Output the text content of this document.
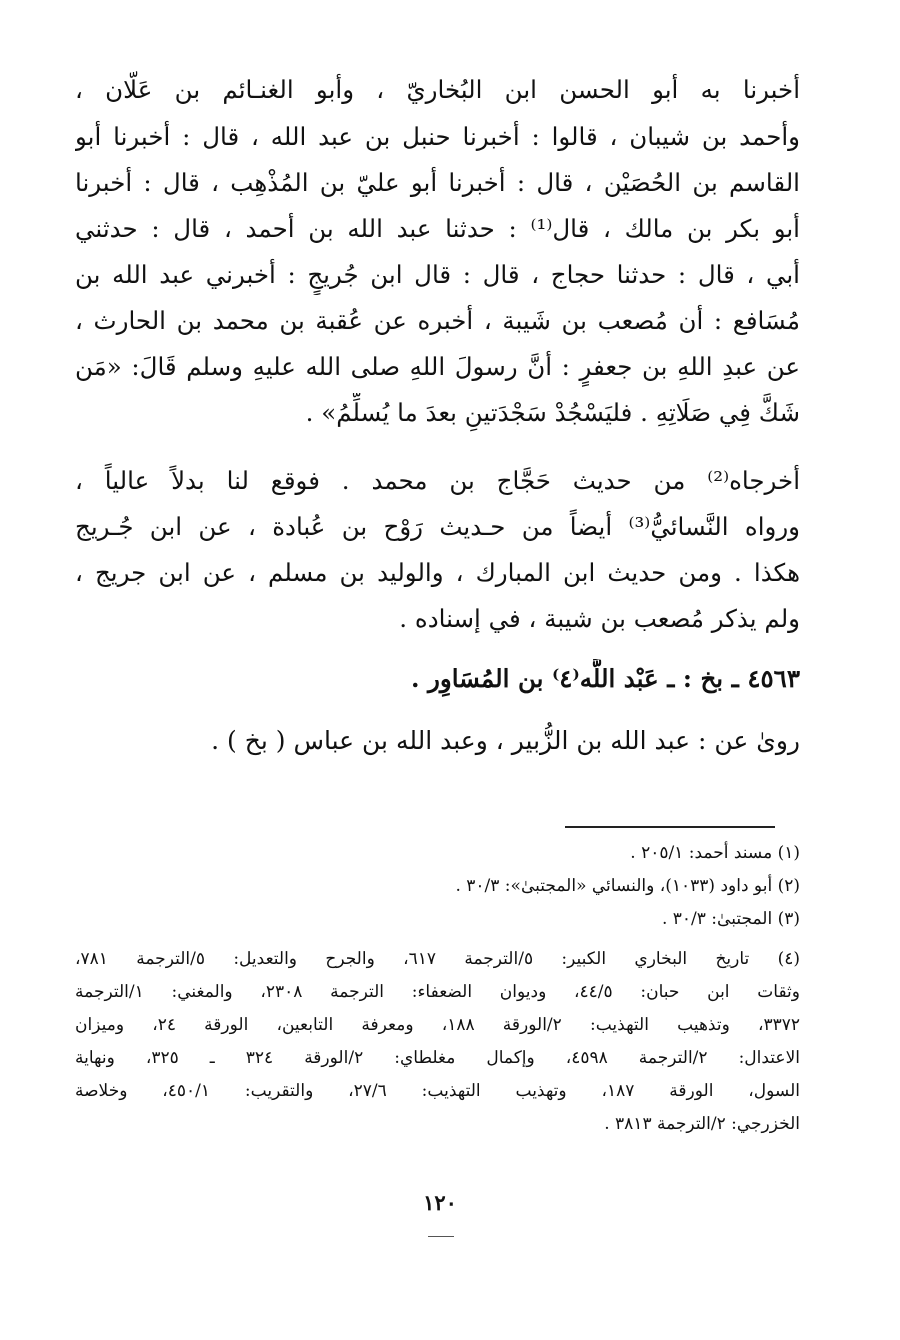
أخبرنا به أبو الحسن ابن البُخاريّ ، وأبو الغنـائم بن عَلّان ،
وأحمد بن شيبان ، قالوا : أخبرنا حنبل بن عبد الله ، قال : أخبرنا أبو
القاسم بن الحُصَيْن ، قال : أخبرنا أبو عليّ بن المُذْهِب ، قال : أخبرنا
أبو بكر بن مالك ، قال⁽¹⁾ : حدثنا عبد الله بن أحمد ، قال : حدثني
أبي ، قال : حدثنا حجاج ، قال : قال ابن جُريجٍ : أخبرني عبد الله بن
مُسَافع : أن مُصعب بن شَيبة ، أخبره عن عُقبة بن محمد بن الحارث ،
عن عبدِ اللهِ بن جعفرٍ : أنَّ رسولَ اللهِ صلى الله عليهِ وسلم قَالَ: «مَن
شَكَّ فِي صَلَاتِهِ . فليَسْجُدْ سَجْدَتينِ بعدَ ما يُسلِّمُ» .
أخرجاه⁽²⁾ من حديث حَجَّاج بن محمد . فوقع لنا بدلاً عالياً ،
ورواه النَّسائيُّ⁽³⁾ أيضاً من حـديث رَوْح بن عُبادة ، عن ابن جُـريج
هكذا . ومن حديث ابن المبارك ، والوليد بن مسلم ، عن ابن جريج ،
ولم يذكر مُصعب بن شيبة ، في إسناده .
٤٥٦٣ ـ بخ : ـ عَبْد اللَّه⁽٤⁾ بن المُسَاوِر .
روىٰ عن : عبد الله بن الزُّبير ، وعبد الله بن عباس ( بخ ) .
(١) مسند أحمد: ٢٠٥/١ .
(٢) أبو داود (١٠٣٣)، والنسائي «المجتبىٰ»: ٣٠/٣ .
(٣) المجتبىٰ: ٣٠/٣ .
(٤) تاريخ البخاري الكبير: ٥/الترجمة ٦١٧، والجرح والتعديل: ٥/الترجمة ٧٨١،
وثقات ابن حبان: ٤٤/٥، وديوان الضعفاء: الترجمة ٢٣٠٨، والمغني: ١/الترجمة
٣٣٧٢، وتذهيب التهذيب: ٢/الورقة ١٨٨، ومعرفة التابعين، الورقة ٢٤، وميزان
الاعتدال: ٢/الترجمة ٤٥٩٨، وإكمال مغلطاي: ٢/الورقة ٣٢٤ ـ ٣٢٥، ونهاية
السول، الورقة ١٨٧، وتهذيب التهذيب: ٢٧/٦، والتقريب: ٤٥٠/١، وخلاصة
الخزرجي: ٢/الترجمة ٣٨١٣ .
١٢٠
